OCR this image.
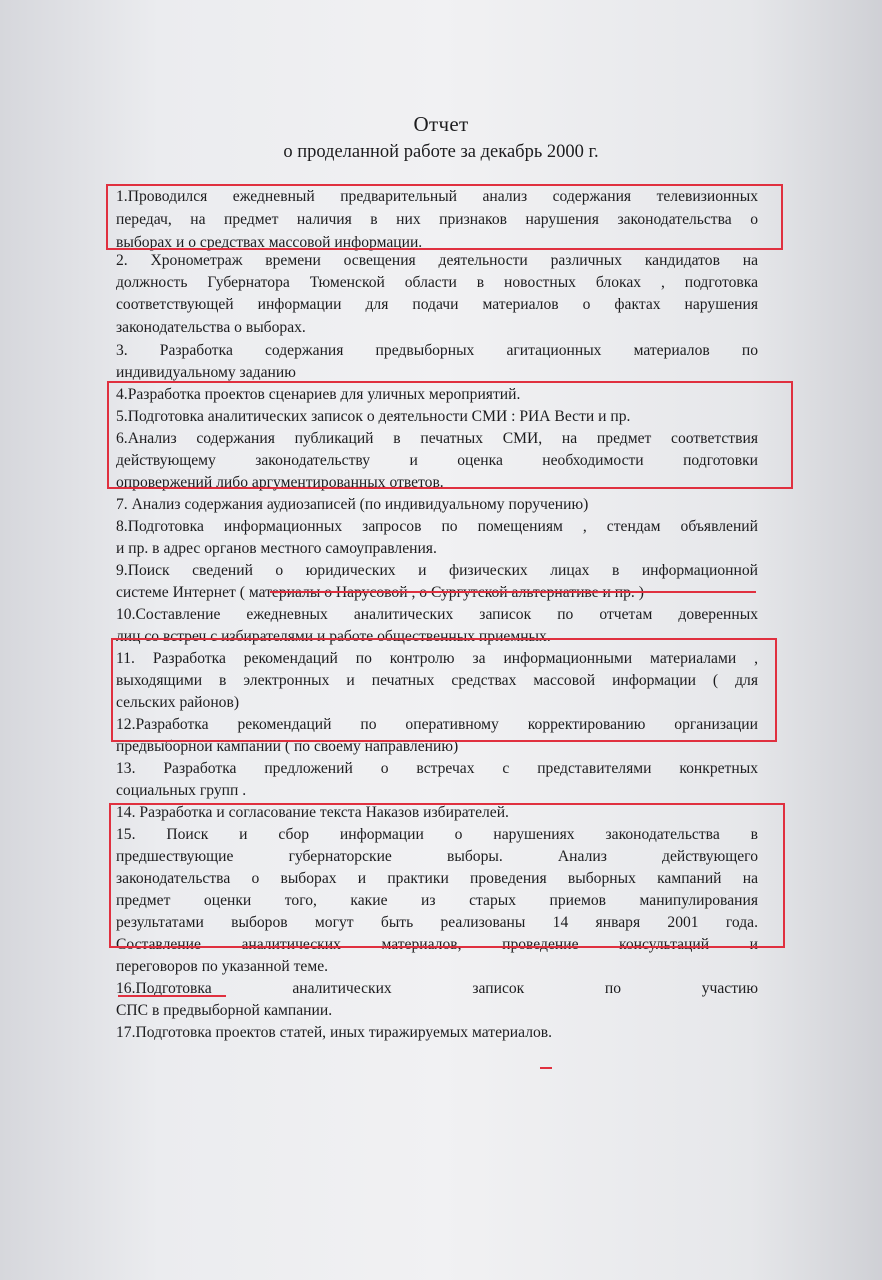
Отчет
о проделанной работе за декабрь 2000 г.
1.Проводился ежедневный предварительный анализ содержания телевизионных
передач, на предмет наличия в них признаков нарушения законодательства о
выборах и о средствах массовой информации.
2. Хронометраж времени освещения деятельности различных кандидатов на
должность Губернатора Тюменской области в новостных блоках , подготовка
соответствующей информации для подачи материалов о фактах нарушения
законодательства о выборах.
3. Разработка содержания предвыборных агитационных материалов по
индивидуальному заданию
4.Разработка проектов сценариев для уличных мероприятий.
5.Подготовка аналитических записок о деятельности СМИ : РИА Вести и пр.
6.Анализ содержания публикаций в печатных СМИ, на предмет соответствия
действующему законодательству и оценка необходимости подготовки
опровержений либо аргументированных ответов.
7. Анализ содержания аудиозаписей (по индивидуальному поручению)
8.Подготовка информационных запросов по помещениям , стендам объявлений
и пр. в адрес органов местного самоуправления.
9.Поиск сведений о юридических и физических лицах в информационной
системе Интернет ( материалы о Нарусовой , о Сургутской альтернативе и пр. )
10.Составление ежедневных аналитических записок по отчетам доверенных
лиц со встреч с избирателями и работе общественных приемных.
11. Разработка рекомендаций по контролю за информационными материалами ,
выходящими в электронных и печатных средствах массовой информации ( для
сельских районов)
12.Разработка рекомендаций по оперативному корректированию организации
предвыборной кампании ( по своему направлению)
13. Разработка предложений о встречах с представителями конкретных
социальных групп .
14. Разработка и согласование текста Наказов избирателей.
15. Поиск и сбор информации о нарушениях законодательства в
предшествующие губернаторские выборы. Анализ действующего
законодательства о выборах и практики проведения выборных кампаний на
предмет оценки того, какие из старых приемов манипулирования
результатами выборов могут быть реализованы 14 января 2001 года.
Составление аналитических материалов, проведение консультаций и
переговоров по указанной теме.
16.Подготовка аналитических записок по участию
СПС в предвыборной кампании.
17.Подготовка проектов статей, иных тиражируемых материалов.
